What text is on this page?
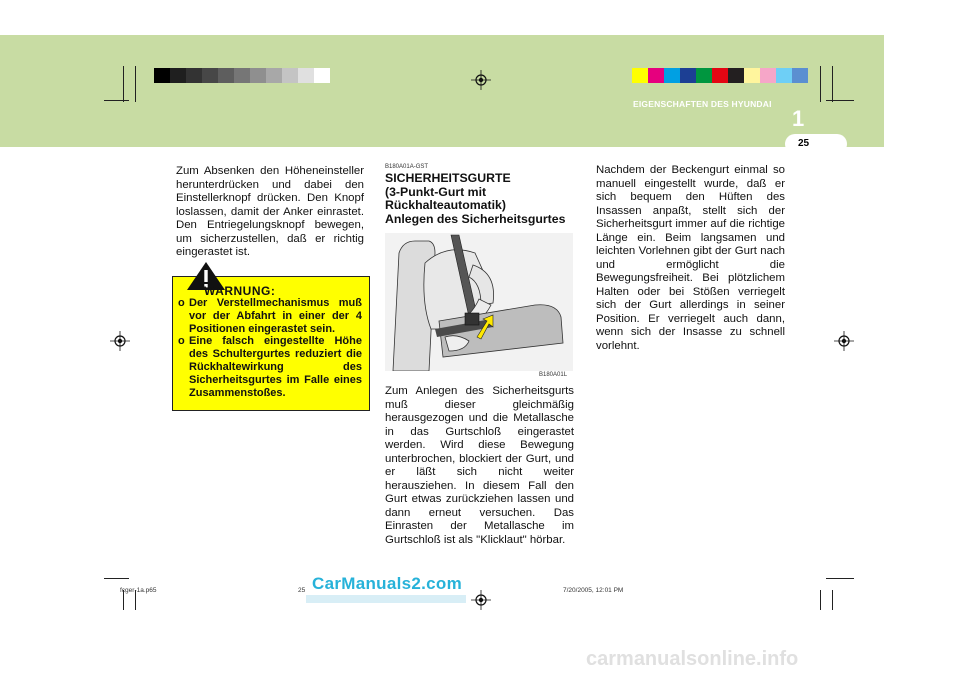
EIGENSCHAFTEN DES HYUNDAI
1
25
Zum Absenken den Höheneinsteller herunterdrücken und dabei den Einstellerknopf drücken. Den Knopf loslassen, damit der Anker einrastet. Den Entriegelungsknopf bewegen, um sicherzustellen, daß er richtig eingerastet ist.
WARNUNG:
o Der Verstellmechanismus muß vor der Abfahrt in einer der 4 Positionen eingerastet sein.
o Eine falsch eingestellte Höhe des Schultergurtes reduziert die Rückhaltewirkung des Sicherheitsgurtes im Falle eines Zusammenstoßes.
B180A01A-GST
SICHERHEITSGURTE
(3-Punkt-Gurt mit
Rückhalteautomatik)
Anlegen des Sicherheitsgurtes
B180A01L
Zum Anlegen des Sicherheitsgurts muß dieser gleichmäßig herausgezogen und die Metallasche in das Gurtschloß eingerastet werden. Wird diese Bewegung unterbrochen, blockiert der Gurt, und er läßt sich nicht weiter herausziehen. In diesem Fall den Gurt etwas zurückziehen lassen und dann erneut versuchen. Das Einrasten der Metallasche im Gurtschloß ist als "Klicklaut" hörbar.
Nachdem der Beckengurt einmal so manuell eingestellt wurde, daß er sich bequem den Hüften des Insassen anpaßt, stellt sich der Sicherheitsgurt immer auf die richtige Länge ein. Beim langsamen und leichten Vorlehnen gibt der Gurt nach und ermöglicht die Bewegungsfreiheit. Bei plötzlichem Halten oder bei Stößen verriegelt sich der Gurt allerdings in seiner Position. Er verriegelt auch dann, wenn sich der Insasse zu schnell vorlehnt.
fcger-1a.p65	25	7/20/2005, 12:01 PM
CarManuals2.com
carmanualsonline.info
